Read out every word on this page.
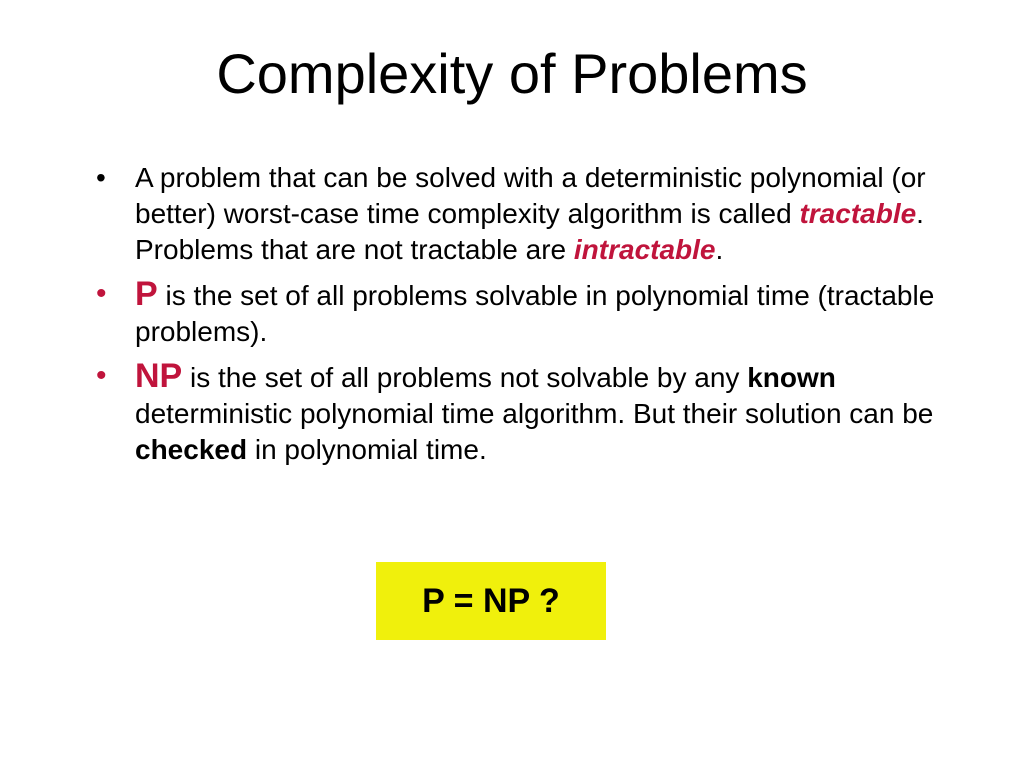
Complexity of Problems
•	A problem that can be solved with a deterministic polynomial (or better) worst-case time complexity algorithm is called tractable. Problems that are not tractable are intractable.
• P is the set of all problems solvable in polynomial time (tractable problems).
• NP is the set of all problems not solvable by any known deterministic polynomial time algorithm. But their solution can be checked in polynomial time.
P = NP ?
